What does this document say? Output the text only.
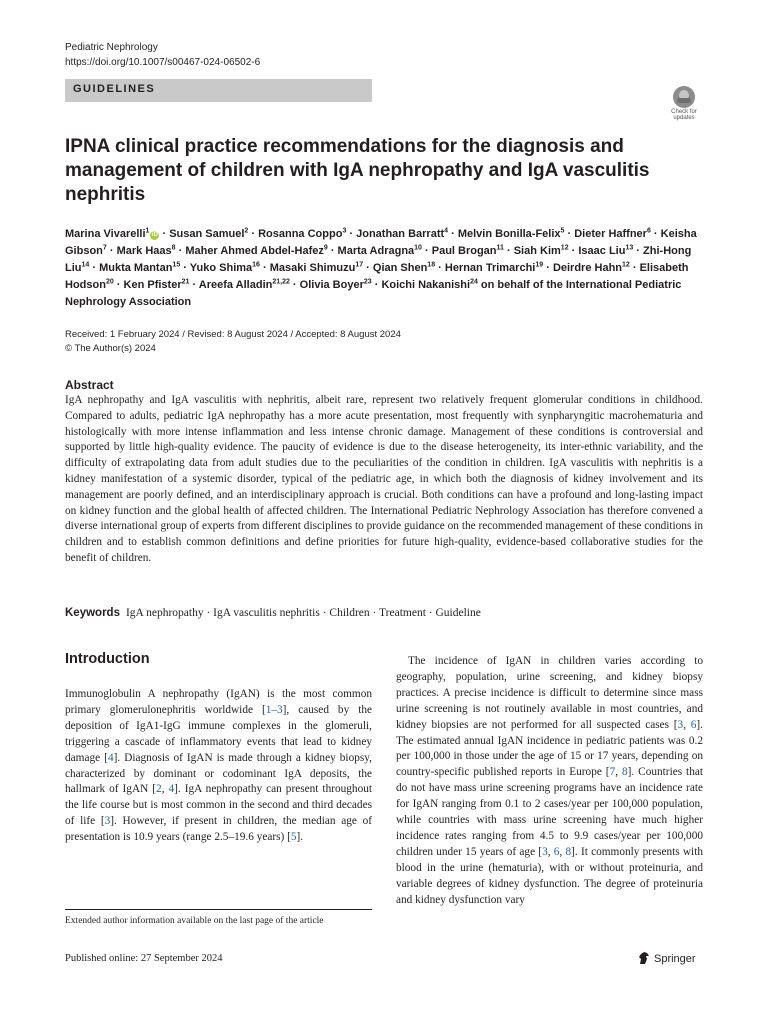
Pediatric Nephrology
https://doi.org/10.1007/s00467-024-06502-6
GUIDELINES
Check for
updates
IPNA clinical practice recommendations for the diagnosis and management of children with IgA nephropathy and IgA vasculitis nephritis

Marina Vivarelli$^1$iD · Susan Samuel$^2$ · Rosanna Coppo$^3$ · Jonathan Barratt$^4$ · Melvin Bonilla-Felix$^5$ · Dieter Haffner$^6$ · Keisha Gibson$^7$ · Mark Haas$^8$ · Maher Ahmed Abdel-Hafez$^9$ · Marta Adragna$^{10}$ · Paul Brogan$^{11}$ · Siah Kim$^{12}$ · Isaac Liu$^{13}$ · Zhi-Hong Liu$^{14}$ · Mukta Mantan$^{15}$ · Yuko Shima$^{16}$ · Masaki Shimuzu$^{17}$ · Qian Shen$^{18}$ · Hernan Trimarchi$^{19}$ · Deirdre Hahn$^{12}$ · Elisabeth Hodson$^{20}$ · Ken Pfister$^{21}$ · Areefa Alladin$^{21,22}$ · Olivia Boyer$^{23}$ · Koichi Nakanishi$^{24}$ on behalf of the International Pediatric Nephrology Association

Received: 1 February 2024 / Revised: 8 August 2024 / Accepted: 8 August 2024
© The Author(s) 2024
Abstract

IgA nephropathy and IgA vasculitis with nephritis, albeit rare, represent two relatively frequent glomerular conditions in childhood. Compared to adults, pediatric IgA nephropathy has a more acute presentation, most frequently with synpharyngitic macrohematuria and histologically with more intense inflammation and less intense chronic damage. Management of these conditions is controversial and supported by little high-quality evidence. The paucity of evidence is due to the disease heterogeneity, its inter-ethnic variability, and the difficulty of extrapolating data from adult studies due to the peculiarities of the condition in children. IgA vasculitis with nephritis is a kidney manifestation of a systemic disorder, typical of the pediatric age, in which both the diagnosis of kidney involvement and its management are poorly defined, and an interdisciplinary approach is crucial. Both conditions can have a profound and long-lasting impact on kidney function and the global health of affected children. The International Pediatric Nephrology Association has therefore convened a diverse international group of experts from different disciplines to provide guidance on the recommended management of these conditions in children and to establish common definitions and define priorities for future high-quality, evidence-based collaborative studies for the benefit of children.

Keywords IgA nephropathy · IgA vasculitis nephritis · Children · Treatment · Guideline

Introduction

Immunoglobulin A nephropathy (IgAN) is the most common primary glomerulonephritis worldwide [1–3], caused by the deposition of IgA1-IgG immune complexes in the glomeruli, triggering a cascade of inflammatory events that lead to kidney damage [4]. Diagnosis of IgAN is made through a kidney biopsy, characterized by dominant or codominant IgA deposits, the hallmark of IgAN [2, 4]. IgA nephropathy can present throughout the life course but is most common in the second and third decades of life [3]. However, if present in children, the median age of presentation is 10.9 years (range 2.5–19.6 years) [5].

The incidence of IgAN in children varies according to geography, population, urine screening, and kidney biopsy practices. A precise incidence is difficult to determine since mass urine screening is not routinely available in most countries, and kidney biopsies are not performed for all suspected cases [3, 6]. The estimated annual IgAN incidence in pediatric patients was 0.2 per 100,000 in those under the age of 15 or 17 years, depending on country-specific published reports in Europe [7, 8]. Countries that do not have mass urine screening programs have an incidence rate for IgAN ranging from 0.1 to 2 cases/year per 100,000 population, while countries with mass urine screening have much higher incidence rates ranging from 4.5 to 9.9 cases/year per 100,000 children under 15 years of age [3, 6, 8]. It commonly presents with blood in the urine (hematuria), with or without proteinuria, and variable degrees of kidney dysfunction. The degree of proteinuria and kidney dysfunction vary

Extended author information available on the last page of the article
Published online: 27 September 2024	Springer
